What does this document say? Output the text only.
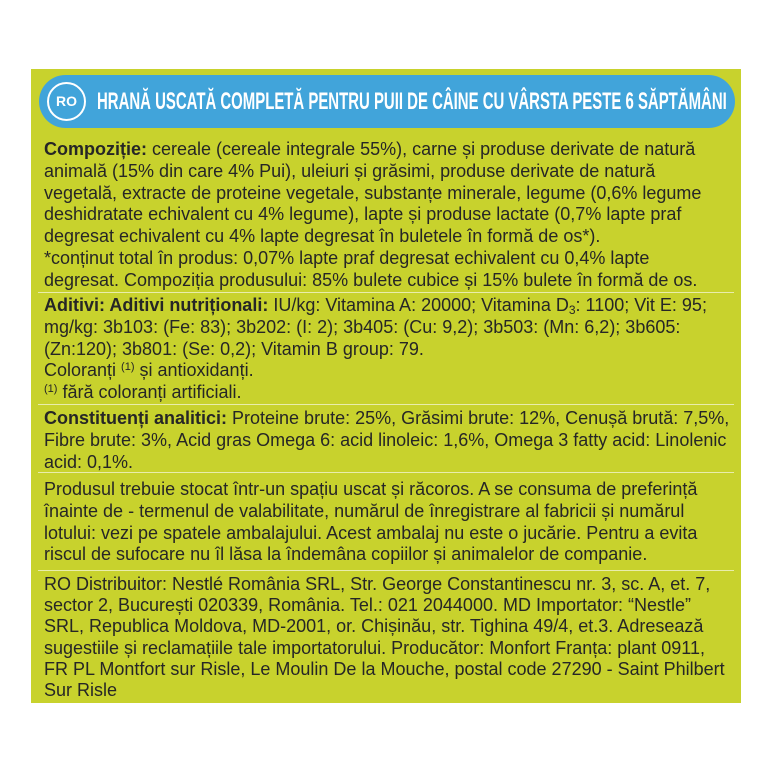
RO HRANĂ USCATĂ COMPLETĂ PENTRU PUII DE CÂINE CU VÂRSTA PESTE 6 SĂPTĂMÂNI
Compoziție: cereale (cereale integrale 55%), carne și produse derivate de natură
animală (15% din care 4% Pui), uleiuri și grăsimi, produse derivate de natură
vegetală, extracte de proteine vegetale, substanțe minerale, legume (0,6% legume
deshidratate echivalent cu 4% legume), lapte și produse lactate (0,7% lapte praf
degresat echivalent cu 4% lapte degresat în buletele în formă de os*).
*conținut total în produs: 0,07% lapte praf degresat echivalent cu 0,4% lapte
degresat. Compoziția produsului: 85% bulete cubice și 15% bulete în formă de os.
Aditivi: Aditivi nutriționali: IU/kg: Vitamina A: 20000; Vitamina $D_3$: 1100; Vit E: 95;
mg/kg: 3b103: (Fe: 83); 3b202: (I: 2); 3b405: (Cu: 9,2); 3b503: (Mn: 6,2); 3b605:
(Zn:120); 3b801: (Se: 0,2); Vitamin B group: 79.
Coloranți $^{(1)}$ și antioxidanți.
$^{(1)}$ fără coloranți artificiali.
Constituenți analitici: Proteine brute: 25%, Grăsimi brute: 12%, Cenușă brută: 7,5%,
Fibre brute: 3%, Acid gras Omega 6: acid linoleic: 1,6%, Omega 3 fatty acid: Linolenic
acid: 0,1%.
Produsul trebuie stocat într-un spațiu uscat și răcoros. A se consuma de preferință
înainte de - termenul de valabilitate, numărul de înregistrare al fabricii și numărul
lotului: vezi pe spatele ambalajului. Acest ambalaj nu este o jucărie. Pentru a evita
riscul de sufocare nu îl lăsa la îndemâna copiilor și animalelor de companie.
RO Distribuitor: Nestlé România SRL, Str. George Constantinescu nr. 3, sc. A, et. 7,
sector 2, București 020339, România. Tel.: 021 2044000. MD Importator: “Nestle”
SRL, Republica Moldova, MD-2001, or. Chișinău, str. Tighina 49/4, et.3. Adresează
sugestiile și reclamațiile tale importatorului. Producător: Monfort Franța: plant 0911,
FR PL Montfort sur Risle, Le Moulin De la Mouche, postal code 27290 - Saint Philbert
Sur Risle
